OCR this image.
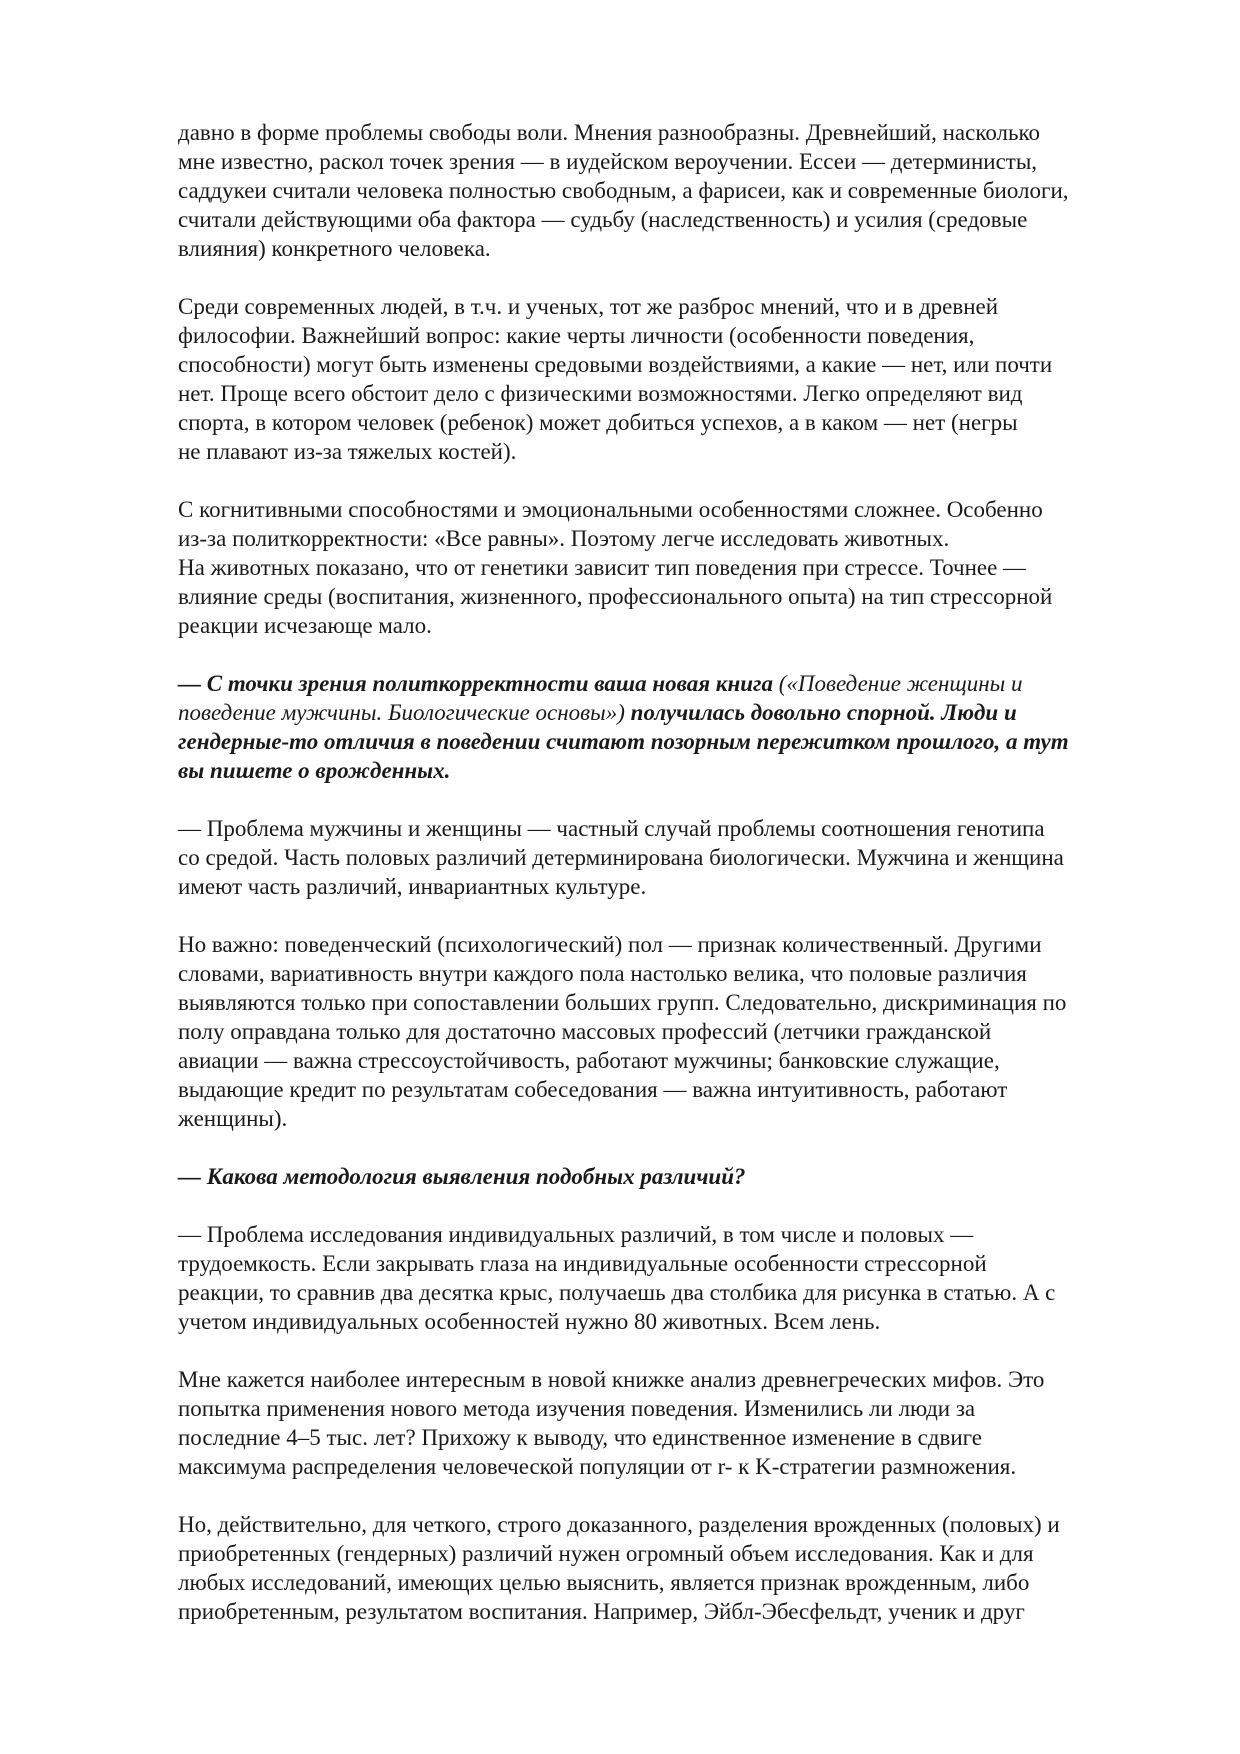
давно в форме проблемы свободы воли. Мнения разнообразны. Древнейший, насколько
мне известно, раскол точек зрения — в иудейском вероучении. Ессеи — детерминисты,
саддукеи считали человека полностью свободным, а фарисеи, как и современные биологи,
считали действующими оба фактора — судьбу (наследственность) и усилия (средовые
влияния) конкретного человека.
Среди современных людей, в т.ч. и ученых, тот же разброс мнений, что и в древней
философии. Важнейший вопрос: какие черты личности (особенности поведения,
способности) могут быть изменены средовыми воздействиями, а какие — нет, или почти
нет. Проще всего обстоит дело с физическими возможностями. Легко определяют вид
спорта, в котором человек (ребенок) может добиться успехов, а в каком — нет (негры
не плавают из-за тяжелых костей).
С когнитивными способностями и эмоциональными особенностями сложнее. Особенно
из-за политкорректности: «Все равны». Поэтому легче исследовать животных.
На животных показано, что от генетики зависит тип поведения при стрессе. Точнее —
влияние среды (воспитания, жизненного, профессионального опыта) на тип стрессорной
реакции исчезающе мало.
— С точки зрения политкорректности ваша новая книга («Поведение женщины и
поведение мужчины. Биологические основы») получилась довольно спорной. Люди и
гендерные-то отличия в поведении считают позорным пережитком прошлого, а тут
вы пишете о врожденных.
— Проблема мужчины и женщины — частный случай проблемы соотношения генотипа
со средой. Часть половых различий детерминирована биологически. Мужчина и женщина
имеют часть различий, инвариантных культуре.
Но важно: поведенческий (психологический) пол — признак количественный. Другими
словами, вариативность внутри каждого пола настолько велика, что половые различия
выявляются только при сопоставлении больших групп. Следовательно, дискриминация по
полу оправдана только для достаточно массовых профессий (летчики гражданской
авиации — важна стрессоустойчивость, работают мужчины; банковские служащие,
выдающие кредит по результатам собеседования — важна интуитивность, работают
женщины).
— Какова методология выявления подобных различий?
— Проблема исследования индивидуальных различий, в том числе и половых —
трудоемкость. Если закрывать глаза на индивидуальные особенности стрессорной
реакции, то сравнив два десятка крыс, получаешь два столбика для рисунка в статью. А с
учетом индивидуальных особенностей нужно 80 животных. Всем лень.
Мне кажется наиболее интересным в новой книжке анализ древнегреческих мифов. Это
попытка применения нового метода изучения поведения. Изменились ли люди за
последние 4–5 тыс. лет? Прихожу к выводу, что единственное изменение в сдвиге
максимума распределения человеческой популяции от r- к K-стратегии размножения.
Но, действительно, для четкого, строго доказанного, разделения врожденных (половых) и
приобретенных (гендерных) различий нужен огромный объем исследования. Как и для
любых исследований, имеющих целью выяснить, является признак врожденным, либо
приобретенным, результатом воспитания. Например, Эйбл-Эбесфельдт, ученик и друг
